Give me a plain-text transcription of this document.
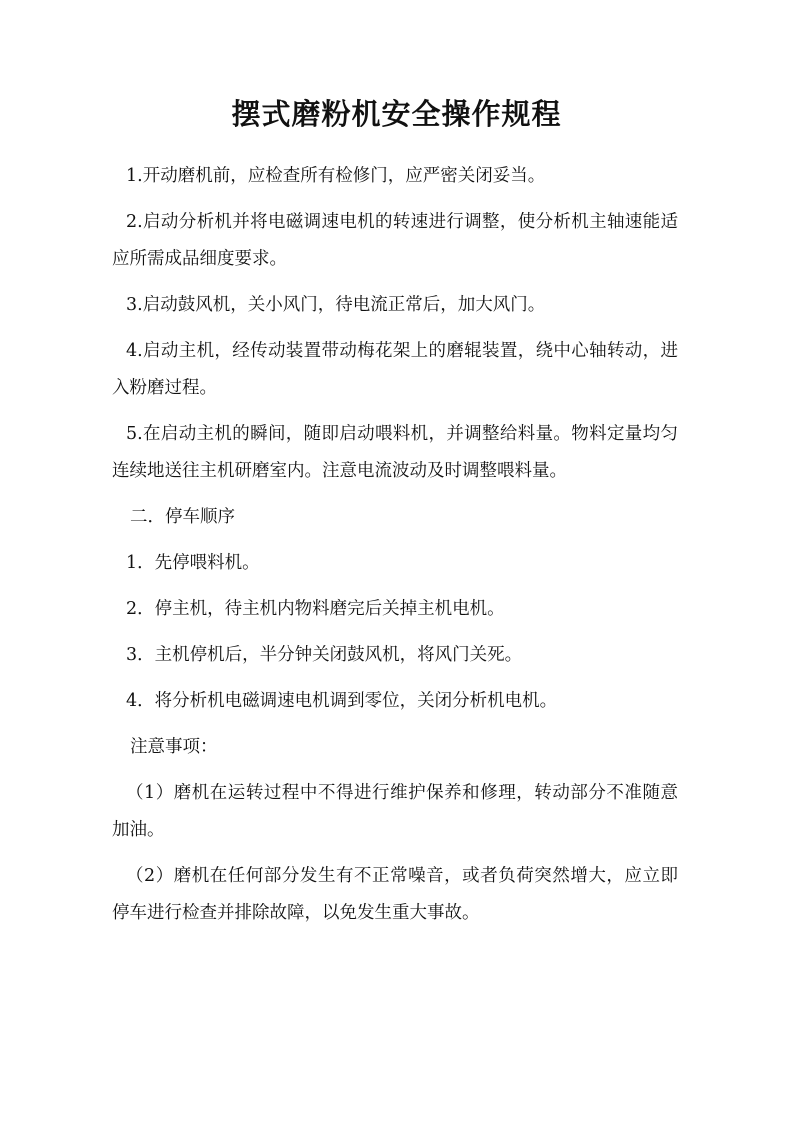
摆式磨粉机安全操作规程

1.开动磨机前，应检查所有检修门，应严密关闭妥当。

2.启动分析机并将电磁调速电机的转速进行调整，使分析机主轴速能适应所需成品细度要求。

3.启动鼓风机，关小风门，待电流正常后，加大风门。

4.启动主机，经传动装置带动梅花架上的磨辊装置，绕中心轴转动，进入粉磨过程。

5.在启动主机的瞬间，随即启动喂料机，并调整给料量。物料定量均匀连续地送往主机研磨室内。注意电流波动及时调整喂料量。

二．停车顺序

1．先停喂料机。

2．停主机，待主机内物料磨完后关掉主机电机。

3．主机停机后，半分钟关闭鼓风机，将风门关死。

4．将分析机电磁调速电机调到零位，关闭分析机电机。

注意事项：

（1）磨机在运转过程中不得进行维护保养和修理，转动部分不准随意加油。

（2）磨机在任何部分发生有不正常噪音，或者负荷突然增大，应立即停车进行检查并排除故障，以免发生重大事故。
